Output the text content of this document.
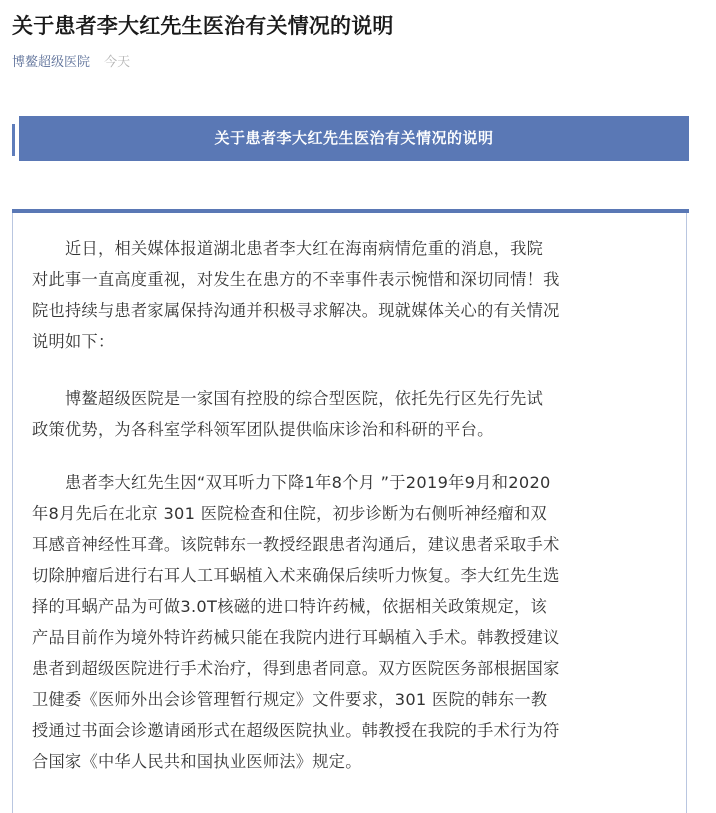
关于患者李大红先生医治有关情况的说明
博鳌超级医院 今天
关于患者李大红先生医治有关情况的说明

近日，相关媒体报道湖北患者李大红在海南病情危重的消息，我院
对此事一直高度重视，对发生在患方的不幸事件表示惋惜和深切同情！我
院也持续与患者家属保持沟通并积极寻求解决。现就媒体关心的有关情况
说明如下：

博鳌超级医院是一家国有控股的综合型医院，依托先行区先行先试
政策优势，为各科室学科领军团队提供临床诊治和科研的平台。

患者李大红先生因“双耳听力下降1年8个月 ”于2019年9月和2020
年8月先后在北京 301 医院检查和住院，初步诊断为右侧听神经瘤和双
耳感音神经性耳聋。该院韩东一教授经跟患者沟通后，建议患者采取手术
切除肿瘤后进行右耳人工耳蜗植入术来确保后续听力恢复。李大红先生选
择的耳蜗产品为可做3.0T核磁的进口特许药械，依据相关政策规定，该
产品目前作为境外特许药械只能在我院内进行耳蜗植入手术。韩教授建议
患者到超级医院进行手术治疗，得到患者同意。双方医院医务部根据国家
卫健委《医师外出会诊管理暂行规定》文件要求，301 医院的韩东一教
授通过书面会诊邀请函形式在超级医院执业。韩教授在我院的手术行为符
合国家《中华人民共和国执业医师法》规定。
